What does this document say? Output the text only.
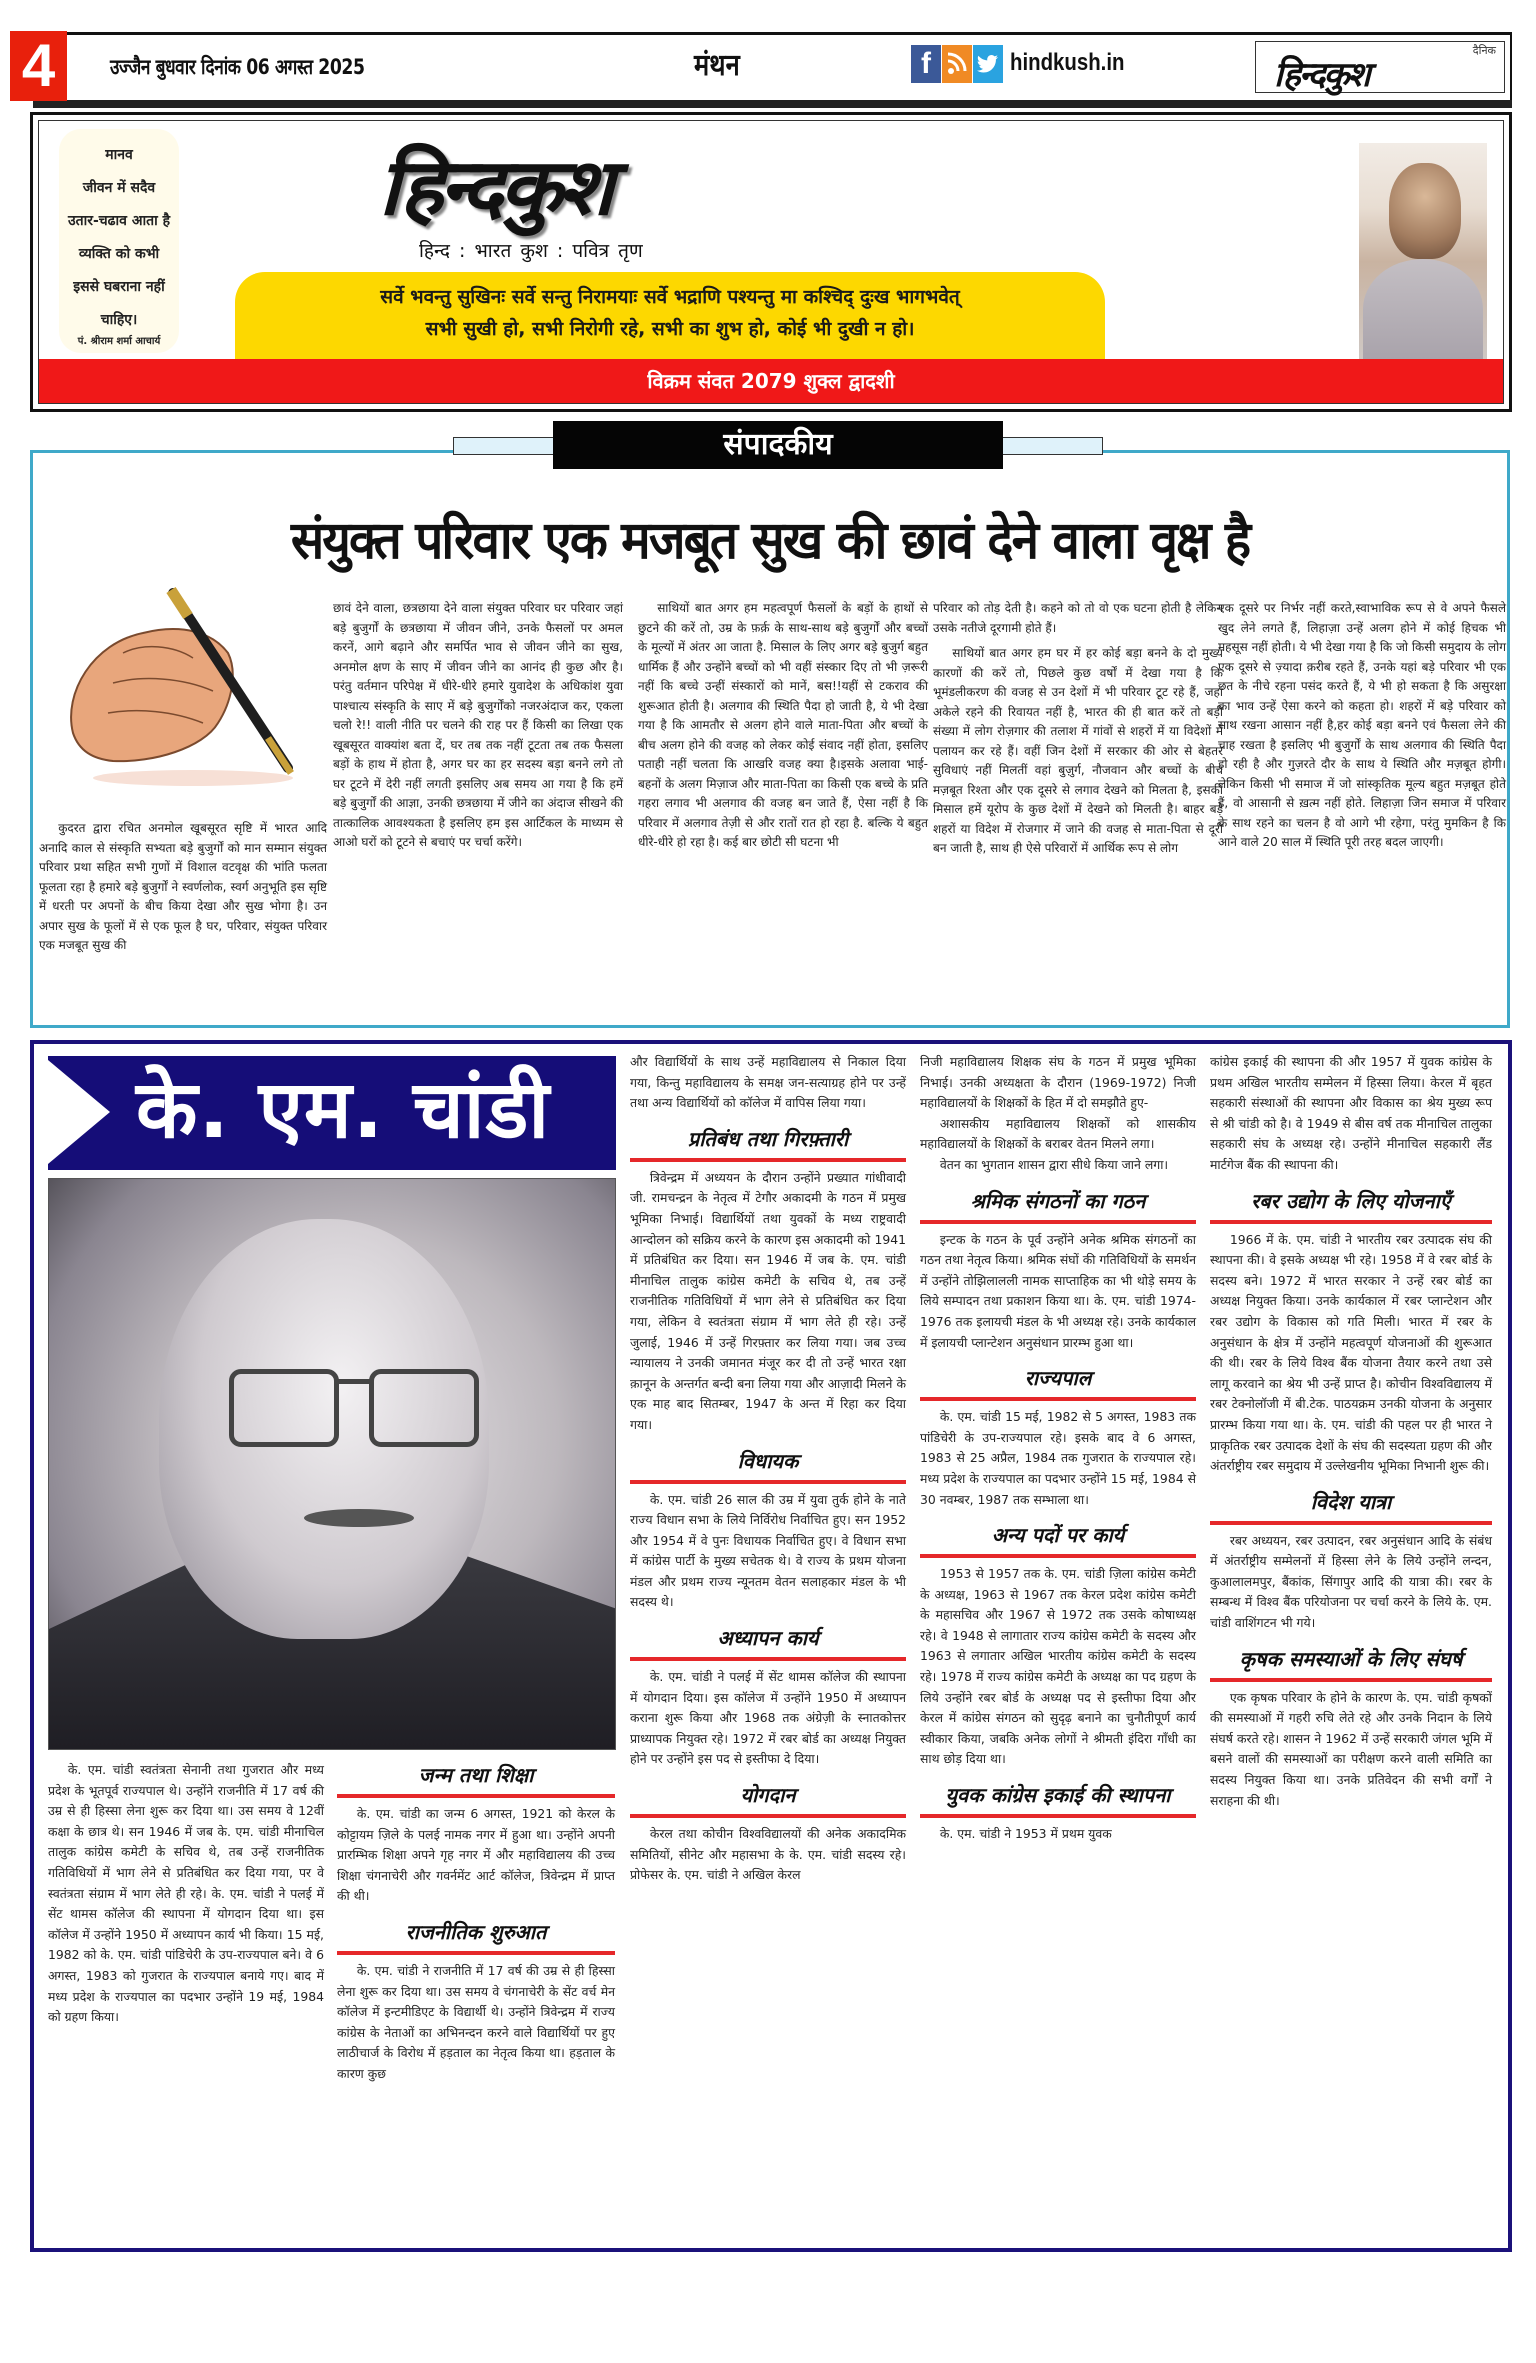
4	उज्जैन बुधवार दिनांक 06 अगस्त 2025	मंथन	f	hindkush.in	दैनिक
हिन्दकुश
मानव
जीवन में सदैव
उतार-चढाव आता है
व्यक्ति को कभी
इससे घबराना नहीं
चाहिए।
पं. श्रीराम शर्मा आचार्य
हिन्दकुश
हिन्द : भारत कुश : पवित्र तृण
सर्वे भवन्तु सुखिनः सर्वे सन्तु निरामयाः सर्वे भद्राणि पश्यन्तु मा कश्चिद् दुःख भागभवेत्
सभी सुखी हो, सभी निरोगी रहे, सभी का शुभ हो, कोई भी दुखी न हो।
विक्रम संवत 2079 शुक्ल द्वादशी
संपादकीय
संयुक्त परिवार एक मजबूत सुख की छावं देने वाला वृक्ष है

कुदरत द्वारा रचित अनमोल खूबसूरत सृष्टि में भारत आदि अनादि काल से संस्कृति सभ्यता बड़े बुजुर्गों को मान सम्मान संयुक्त परिवार प्रथा सहित सभी गुणों में विशाल वटवृक्ष की भांति फलता फूलता रहा है हमारे बड़े बुजुर्गों ने स्वर्णलोक, स्वर्ग अनुभूति इस सृष्टि में धरती पर अपनों के बीच किया देखा और सुख भोगा है। उन अपार सुख के फूलों में से एक फूल है घर, परिवार, संयुक्त परिवार एक मजबूत सुख की

छावं देने वाला, छत्रछाया देने वाला संयुक्त परिवार घर परिवार जहां बड़े बुजुर्गों के छत्रछाया में जीवन जीने, उनके फैसलों पर अमल करनें, आगे बढ़ाने और समर्पित भाव से जीवन जीने का सुख, अनमोल क्षण के साए में जीवन जीने का आनंद ही कुछ और है। परंतु वर्तमान परिपेक्ष में धीरे-धीरे हमारे युवादेश के अधिकांश युवा पाश्चात्य संस्कृति के साए में बड़े बुजुर्गोंको नजरअंदाज कर, एकला चलो रे!! वाली नीति पर चलने की राह पर हैं किसी का लिखा एक खूबसूरत वाक्यांश बता दें, घर तब तक नहीं टूटता तब तक फैसला बड़ों के हाथ में होता है, अगर घर का हर सदस्य बड़ा बनने लगे तो घर टूटने में देरी नहीं लगती इसलिए अब समय आ गया है कि हमें बड़े बुजुर्गों की आज्ञा, उनकी छत्रछाया में जीने का अंदाज सीखने की तात्कालिक आवश्यकता है इसलिए हम इस आर्टिकल के माध्यम से आओ घरों को टूटने से बचाएं पर चर्चा करेंगे।

साथियों बात अगर हम महत्वपूर्ण फैसलों के बड़ों के हाथों से छुटने की करें तो, उम्र के फ़र्क़ के साथ-साथ बड़े बुजुर्गों और बच्चों के मूल्यों में अंतर आ जाता है. मिसाल के लिए अगर बड़े बुजुर्ग बहुत धार्मिक हैं और उन्होंने बच्चों को भी वहीं संस्कार दिए तो भी ज़रूरी नहीं कि बच्चे उन्हीं संस्कारों को मानें, बस!!यहीं से टकराव की शुरूआत होती है। अलगाव की स्थिति पैदा हो जाती है, ये भी देखा गया है कि आमतौर से अलग होने वाले माता-पिता और बच्चों के बीच अलग होने की वजह को लेकर कोई संवाद नहीं होता, इसलिए पताही नहीं चलता कि आखरि वजह क्या है।इसके अलावा भाई-बहनों के अलग मिज़ाज और माता-पिता का किसी एक बच्चे के प्रति गहरा लगाव भी अलगाव की वजह बन जाते हैं, ऐसा नहीं है कि परिवार में अलगाव तेज़ी से और रातों रात हो रहा है. बल्कि ये बहुत धीरे-धीरे हो रहा है। कई बार छोटी सी घटना भी

परिवार को तोड़ देती है। कहने को तो वो एक घटना होती है लेकिन उसके नतीजे दूरगामी होते हैं।

साथियों बात अगर हम घर में हर कोई बड़ा बनने के दो मुख्य कारणों की करें तो, पिछले कुछ वर्षों में देखा गया है कि भूमंडलीकरण की वजह से उन देशों में भी परिवार टूट रहे हैं, जहां अकेले रहने की रिवायत नहीं है, भारत की ही बात करें तो बड़ी संख्या में लोग रोज़गार की तलाश में गांवों से शहरों में या विदेशों में पलायन कर रहे हैं। वहीं जिन देशों में सरकार की ओर से बेहतर सुविधाएं नहीं मिलतीं वहां बुज़ुर्ग, नौजवान और बच्चों के बीच मज़बूत रिश्ता और एक दूसरे से लगाव देखने को मिलता है, इसकी मिसाल हमें यूरोप के कुछ देशों में देखने को मिलती है। बाहर बड़े शहरों या विदेश में रोजगार में जाने की वजह से माता-पिता से दूरी बन जाती है, साथ ही ऐसे परिवारों में आर्थिक रूप से लोग

एक दूसरे पर निर्भर नहीं करते,स्वाभाविक रूप से वे अपने फैसले खुद लेने लगते हैं, लिहाज़ा उन्हें अलग होने में कोई हिचक भी महसूस नहीं होती। ये भी देखा गया है कि जो किसी समुदाय के लोग एक दूसरे से ज़्यादा क़रीब रहते हैं, उनके यहां बड़े परिवार भी एक छत के नीचे रहना पसंद करते हैं, ये भी हो सकता है कि असुरक्षा का भाव उन्हें ऐसा करने को कहता हो। शहरों में बड़े परिवार को साथ रखना आसान नहीं है,हर कोई बड़ा बनने एवं फैसला लेने की चाह रखता है इसलिए भी बुजुर्गों के साथ अलगाव की स्थिति पैदा हो रही है और गुज़रते दौर के साथ ये स्थिति और मज़बूत होगी। लेकिन किसी भी समाज में जो सांस्कृतिक मूल्य बहुत मज़बूत होते हैं, वो आसानी से ख़त्म नहीं होते. लिहाज़ा जिन समाज में परिवार के साथ रहने का चलन है वो आगे भी रहेगा, परंतु मुमकिन है कि आने वाले 20 साल में स्थिति पूरी तरह बदल जाएगी।

के. एम. चांडी

के. एम. चांडी स्वतंत्रता सेनानी तथा गुजरात और मध्य प्रदेश के भूतपूर्व राज्यपाल थे। उन्होंने राजनीति में 17 वर्ष की उम्र से ही हिस्सा लेना शुरू कर दिया था। उस समय वे 12वीं कक्षा के छात्र थे। सन 1946 में जब के. एम. चांडी मीनाचिल तालुक कांग्रेस कमेटी के सचिव थे, तब उन्हें राजनीतिक गतिविधियों में भाग लेने से प्रतिबंधित कर दिया गया, पर वे स्वतंत्रता संग्राम में भाग लेते ही रहे। के. एम. चांडी ने पलई में सेंट थामस कॉलेज की स्थापना में योगदान दिया था। इस कॉलेज में उन्होंने 1950 में अध्यापन कार्य भी किया। 15 मई, 1982 को के. एम. चांडी पांडिचेरी के उप-राज्यपाल बने। वे 6 अगस्त, 1983 को गुजरात के राज्यपाल बनाये गए। बाद में मध्य प्रदेश के राज्यपाल का पदभार उन्होंने 19 मई, 1984 को ग्रहण किया।

जन्म तथा शिक्षा

के. एम. चांडी का जन्म 6 अगस्त, 1921 को केरल के कोट्टायम ज़िले के पलई नामक नगर में हुआ था। उन्होंने अपनी प्रारम्भिक शिक्षा अपने गृह नगर में और महाविद्यालय की उच्च शिक्षा चंगनाचेरी और गवर्नमेंट आर्ट कॉलेज, त्रिवेन्द्रम में प्राप्त की थी।

राजनीतिक शुरुआत

के. एम. चांडी ने राजनीति में 17 वर्ष की उम्र से ही हिस्सा लेना शुरू कर दिया था। उस समय वे चंगनाचेरी के सेंट वर्च मेन कॉलेज में इन्टमीडिएट के विद्यार्थी थे। उन्होंने त्रिवेन्द्रम में राज्य कांग्रेस के नेताओं का अभिनन्दन करने वाले विद्यार्थियों पर हुए लाठीचार्ज के विरोध में हड़ताल का नेतृत्व किया था। हड़ताल के कारण कुछ

और विद्यार्थियों के साथ उन्हें महाविद्यालय से निकाल दिया गया, किन्तु महाविद्यालय के समक्ष जन-सत्याग्रह होने पर उन्हें तथा अन्य विद्यार्थियों को कॉलेज में वापिस लिया गया।

प्रतिबंध तथा गिरफ़्तारी

त्रिवेन्द्रम में अध्ययन के दौरान उन्होंने प्रख्यात गांधीवादी जी. रामचन्द्रन के नेतृत्व में टेगौर अकादमी के गठन में प्रमुख भूमिका निभाई। विद्यार्थियों तथा युवकों के मध्य राष्ट्रवादी आन्दोलन को सक्रिय करने के कारण इस अकादमी को 1941 में प्रतिबंधित कर दिया। सन 1946 में जब के. एम. चांडी मीनाचिल तालुक कांग्रेस कमेटी के सचिव थे, तब उन्हें राजनीतिक गतिविधियों में भाग लेने से प्रतिबंधित कर दिया गया, लेकिन वे स्वतंत्रता संग्राम में भाग लेते ही रहे। उन्हें जुलाई, 1946 में उन्हें गिरफ़्तार कर लिया गया। जब उच्च न्यायालय ने उनकी जमानत मंजूर कर दी तो उन्हें भारत रक्षा क़ानून के अन्तर्गत बन्दी बना लिया गया और आज़ादी मिलने के एक माह बाद सितम्बर, 1947 के अन्त में रिहा कर दिया गया।

विधायक

के. एम. चांडी 26 साल की उम्र में युवा तुर्क होने के नाते राज्य विधान सभा के लिये निर्विरोध निर्वाचित हुए। सन 1952 और 1954 में वे पुनः विधायक निर्वाचित हुए। वे विधान सभा में कांग्रेस पार्टी के मुख्य सचेतक थे। वे राज्य के प्रथम योजना मंडल और प्रथम राज्य न्यूनतम वेतन सलाहकार मंडल के भी सदस्य थे।

अध्यापन कार्य

के. एम. चांडी ने पलई में सेंट थामस कॉलेज की स्थापना में योगदान दिया। इस कॉलेज में उन्होंने 1950 में अध्यापन कराना शुरू किया और 1968 तक अंग्रेज़ी के स्नातकोत्तर प्राध्यापक नियुक्त रहे। 1972 में रबर बोर्ड का अध्यक्ष नियुक्त होने पर उन्होंने इस पद से इस्तीफा दे दिया।

योगदान

केरल तथा कोचीन विश्वविद्यालयों की अनेक अकादमिक समितियों, सीनेट और महासभा के के. एम. चांडी सदस्य रहे। प्रोफेसर के. एम. चांडी ने अखिल केरल

निजी महाविद्यालय शिक्षक संघ के गठन में प्रमुख भूमिका निभाई। उनकी अध्यक्षता के दौरान (1969-1972) निजी महाविद्यालयों के शिक्षकों के हित में दो समझौते हुए-

अशासकीय महाविद्यालय शिक्षकों को शासकीय महाविद्यालयों के शिक्षकों के बराबर वेतन मिलने लगा।

वेतन का भुगतान शासन द्वारा सीधे किया जाने लगा।

श्रमिक संगठनों का गठन

इन्टक के गठन के पूर्व उन्होंने अनेक श्रमिक संगठनों का गठन तथा नेतृत्व किया। श्रमिक संघों की गतिविधियों के समर्थन में उन्होंने तोझिलालली नामक साप्ताहिक का भी थोड़े समय के लिये सम्पादन तथा प्रकाशन किया था। के. एम. चांडी 1974-1976 तक इलायची मंडल के भी अध्यक्ष रहे। उनके कार्यकाल में इलायची प्लान्टेशन अनुसंधान प्रारम्भ हुआ था।

राज्यपाल

के. एम. चांडी 15 मई, 1982 से 5 अगस्त, 1983 तक पांडिचेरी के उप-राज्यपाल रहे। इसके बाद वे 6 अगस्त, 1983 से 25 अप्रैल, 1984 तक गुजरात के राज्यपाल रहे। मध्य प्रदेश के राज्यपाल का पदभार उन्होंने 15 मई, 1984 से 30 नवम्बर, 1987 तक सम्भाला था।

अन्य पदों पर कार्य

1953 से 1957 तक के. एम. चांडी ज़िला कांग्रेस कमेटी के अध्यक्ष, 1963 से 1967 तक केरल प्रदेश कांग्रेस कमेटी के महासचिव और 1967 से 1972 तक उसके कोषाध्यक्ष रहे। वे 1948 से लागातार राज्य कांग्रेस कमेटी के सदस्य और 1963 से लगातार अखिल भारतीय कांग्रेस कमेटी के सदस्य रहे। 1978 में राज्य कांग्रेस कमेटी के अध्यक्ष का पद ग्रहण के लिये उन्होंने रबर बोर्ड के अध्यक्ष पद से इस्तीफा दिया और केरल में कांग्रेस संगठन को सुदृढ़ बनाने का चुनौतीपूर्ण कार्य स्वीकार किया, जबकि अनेक लोगों ने श्रीमती इंदिरा गाँधी का साथ छोड़ दिया था।

युवक कांग्रेस इकाई की स्थापना

के. एम. चांडी ने 1953 में प्रथम युवक

कांग्रेस इकाई की स्थापना की और 1957 में युवक कांग्रेस के प्रथम अखिल भारतीय सम्मेलन में हिस्सा लिया। केरल में बृहत सहकारी संस्थाओं की स्थापना और विकास का श्रेय मुख्य रूप से श्री चांडी को है। वे 1949 से बीस वर्ष तक मीनाचिल तालुका सहकारी संघ के अध्यक्ष रहे। उन्होंने मीनाचिल सहकारी लैंड मार्टगेज बैंक की स्थापना की।

रबर उद्योग के लिए योजनाएँ

1966 में के. एम. चांडी ने भारतीय रबर उत्पादक संघ की स्थापना की। वे इसके अध्यक्ष भी रहे। 1958 में वे रबर बोर्ड के सदस्य बने। 1972 में भारत सरकार ने उन्हें रबर बोर्ड का अध्यक्ष नियुक्त किया। उनके कार्यकाल में रबर प्लान्टेशन और रबर उद्योग के विकास को गति मिली। भारत में रबर के अनुसंधान के क्षेत्र में उन्होंने महत्वपूर्ण योजनाओं की शुरूआत की थी। रबर के लिये विश्व बैंक योजना तैयार करने तथा उसे लागू करवाने का श्रेय भी उन्हें प्राप्त है। कोचीन विश्वविद्यालय में रबर टेक्नोलॉजी में बी.टेक. पाठयक्रम उनकी योजना के अनुसार प्रारम्भ किया गया था। के. एम. चांडी की पहल पर ही भारत ने प्राकृतिक रबर उत्पादक देशों के संघ की सदस्यता ग्रहण की और अंतर्राष्ट्रीय रबर समुदाय में उल्लेखनीय भूमिका निभानी शुरू की।

विदेश यात्रा

रबर अध्ययन, रबर उत्पादन, रबर अनुसंधान आदि के संबंध में अंतर्राष्ट्रीय सम्मेलनों में हिस्सा लेने के लिये उन्होंने लन्दन, कुआलालमपुर, बैंकांक, सिंगापुर आदि की यात्रा की। रबर के सम्बन्ध में विश्व बैंक परियोजना पर चर्चा करने के लिये के. एम. चांडी वाशिंगटन भी गये।

कृषक समस्याओं के लिए संघर्ष

एक कृषक परिवार के होने के कारण के. एम. चांडी कृषकों की समस्याओं में गहरी रुचि लेते रहे और उनके निदान के लिये संघर्ष करते रहे। शासन ने 1962 में उन्हें सरकारी जंगल भूमि में बसने वालों की समस्याओं का परीक्षण करने वाली समिति का सदस्य नियुक्त किया था। उनके प्रतिवेदन की सभी वर्गों ने सराहना की थी।
